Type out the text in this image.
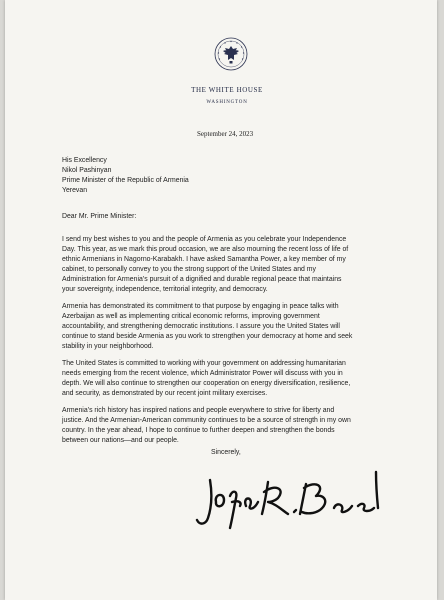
THE WHITE HOUSE
WASHINGTON
September 24, 2023
His Excellency
Nikol Pashinyan
Prime Minister of the Republic of Armenia
Yerevan
Dear Mr. Prime Minister:
I send my best wishes to you and the people of Armenia as you celebrate your Independence
Day. This year, as we mark this proud occasion, we are also mourning the recent loss of life of
ethnic Armenians in Nagorno-Karabakh. I have asked Samantha Power, a key member of my
cabinet, to personally convey to you the strong support of the United States and my
Administration for Armenia’s pursuit of a dignified and durable regional peace that maintains
your sovereignty, independence, territorial integrity, and democracy.
Armenia has demonstrated its commitment to that purpose by engaging in peace talks with
Azerbaijan as well as implementing critical economic reforms, improving government
accountability, and strengthening democratic institutions. I assure you the United States will
continue to stand beside Armenia as you work to strengthen your democracy at home and seek
stability in your neighborhood.
The United States is committed to working with your government on addressing humanitarian
needs emerging from the recent violence, which Administrator Power will discuss with you in
depth. We will also continue to strengthen our cooperation on energy diversification, resilience,
and security, as demonstrated by our recent joint military exercises.
Armenia’s rich history has inspired nations and people everywhere to strive for liberty and
justice. And the Armenian-American community continues to be a source of strength in my own
country. In the year ahead, I hope to continue to further deepen and strengthen the bonds
between our nations—and our people.
Sincerely,
